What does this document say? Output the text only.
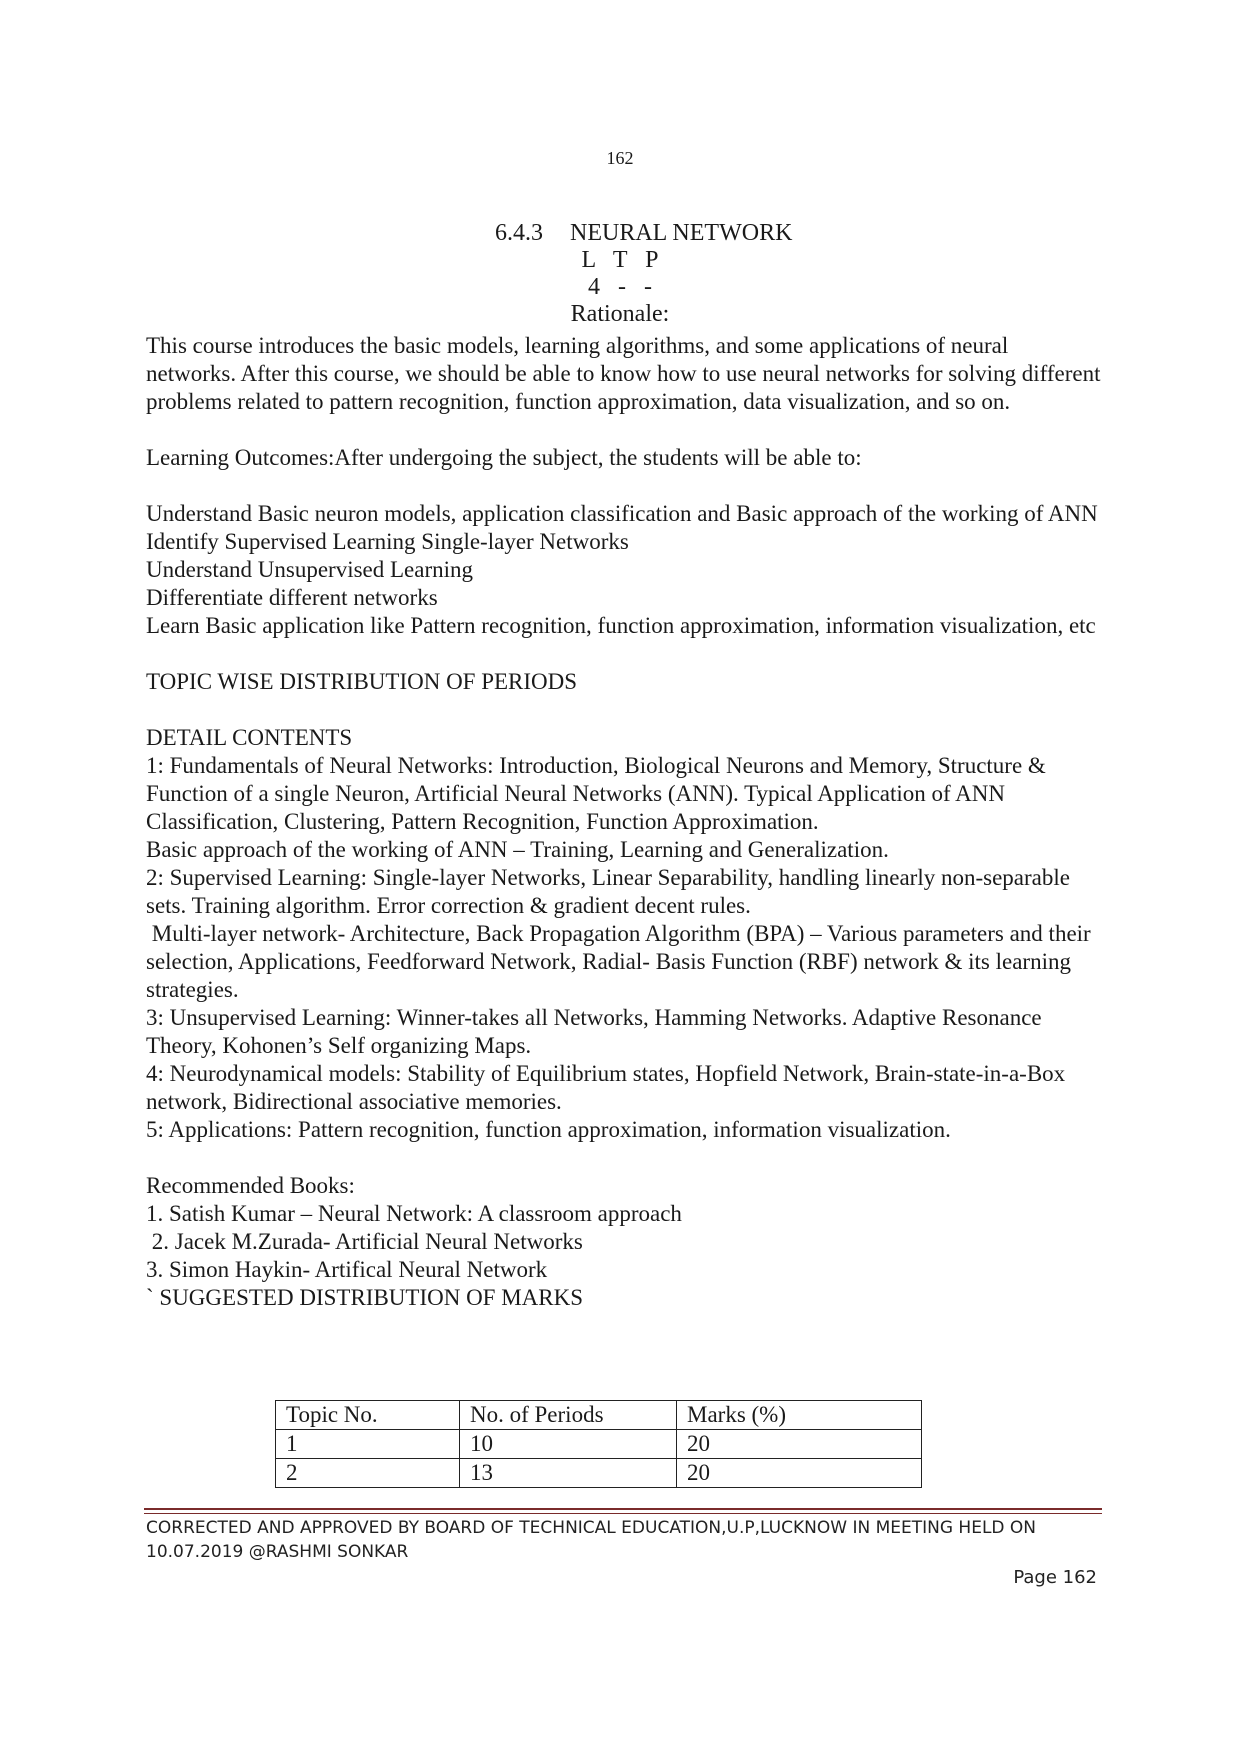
162
6.4.3	NEURAL NETWORK
L   T   P
4   -   -
Rationale:

This course introduces the basic models, learning algorithms, and some applications of neural networks. After this course, we should be able to know how to use neural networks for solving different problems related to pattern recognition, function approximation, data visualization, and so on.

Learning Outcomes:After undergoing the subject, the students will be able to:

Understand Basic neuron models, application classification and Basic approach of the working of ANN

Identify Supervised Learning Single-layer Networks

Understand Unsupervised Learning

Differentiate different networks

Learn Basic application like Pattern recognition, function approximation, information visualization, etc

TOPIC WISE DISTRIBUTION OF PERIODS

DETAIL CONTENTS

1: Fundamentals of Neural Networks: Introduction, Biological Neurons and Memory, Structure & Function of a single Neuron, Artificial Neural Networks (ANN). Typical Application of ANN Classification, Clustering, Pattern Recognition, Function Approximation.

Basic approach of the working of ANN – Training, Learning and Generalization.

2: Supervised Learning: Single-layer Networks, Linear Separability, handling linearly non-separable sets. Training algorithm. Error correction & gradient decent rules.

Multi-layer network- Architecture, Back Propagation Algorithm (BPA) – Various parameters and their selection, Applications, Feedforward Network, Radial- Basis Function (RBF) network & its learning strategies.

3: Unsupervised Learning: Winner-takes all Networks, Hamming Networks. Adaptive Resonance Theory, Kohonen’s Self organizing Maps.

4: Neurodynamical models: Stability of Equilibrium states, Hopfield Network, Brain-state-in-a-Box network, Bidirectional associative memories.

5: Applications: Pattern recognition, function approximation, information visualization.

Recommended Books:

1. Satish Kumar – Neural Network: A classroom approach

2. Jacek M.Zurada- Artificial Neural Networks

3. Simon Haykin- Artifical Neural Network

` SUGGESTED DISTRIBUTION OF MARKS

Topic No.	No. of Periods	Marks (%)
1	10	20
2	13	20
CORRECTED AND APPROVED BY BOARD OF TECHNICAL EDUCATION,U.P,LUCKNOW IN MEETING HELD ON
10.07.2019 @RASHMI SONKAR
Page 162
